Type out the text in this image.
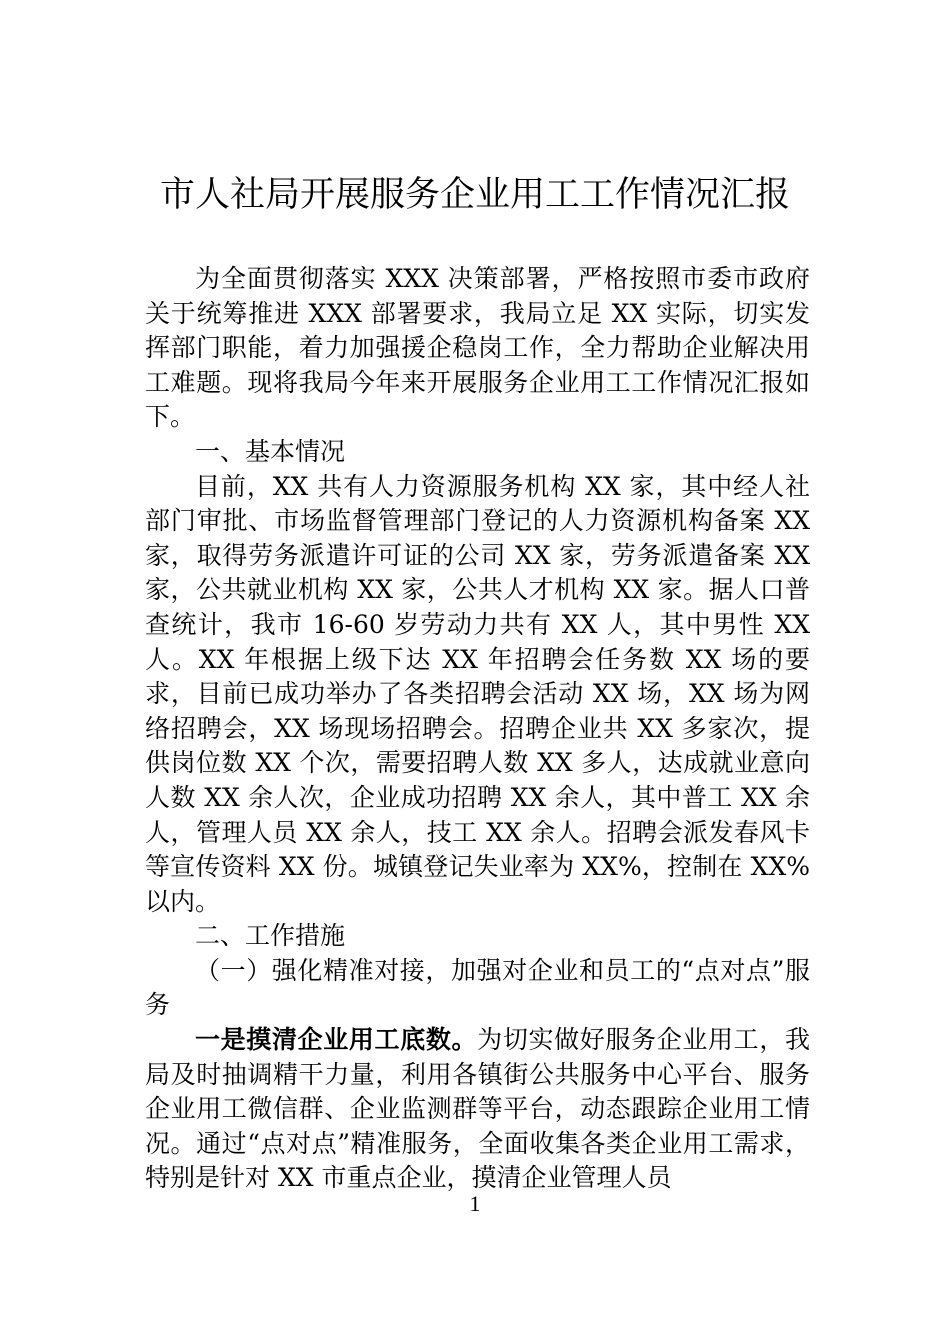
市人社局开展服务企业用工工作情况汇报

为全面贯彻落实 XXX 决策部署，严格按照市委市政府关于统筹推进 XXX 部署要求，我局立足 XX 实际，切实发挥部门职能，着力加强援企稳岗工作，全力帮助企业解决用工难题。现将我局今年来开展服务企业用工工作情况汇报如下。

一、基本情况

目前，XX 共有人力资源服务机构 XX 家，其中经人社部门审批、市场监督管理部门登记的人力资源机构备案 XX 家，取得劳务派遣许可证的公司 XX 家，劳务派遣备案 XX 家，公共就业机构 XX 家，公共人才机构 XX 家。据人口普查统计，我市 16-60 岁劳动力共有 XX 人，其中男性 XX 人。XX 年根据上级下达 XX 年招聘会任务数 XX 场的要求，目前已成功举办了各类招聘会活动 XX 场，XX 场为网络招聘会，XX 场现场招聘会。招聘企业共 XX 多家次，提供岗位数 XX 个次，需要招聘人数 XX 多人，达成就业意向人数 XX 余人次，企业成功招聘 XX 余人，其中普工 XX 余人，管理人员 XX 余人，技工 XX 余人。招聘会派发春风卡等宣传资料 XX 份。城镇登记失业率为 XX%，控制在 XX%以内。

二、工作措施

（一）强化精准对接，加强对企业和员工的“点对点”服务

一是摸清企业用工底数。为切实做好服务企业用工，我局及时抽调精干力量，利用各镇街公共服务中心平台、服务企业用工微信群、企业监测群等平台，动态跟踪企业用工情况。通过“点对点”精准服务，全面收集各类企业用工需求，特别是针对 XX 市重点企业，摸清企业管理人员

1
